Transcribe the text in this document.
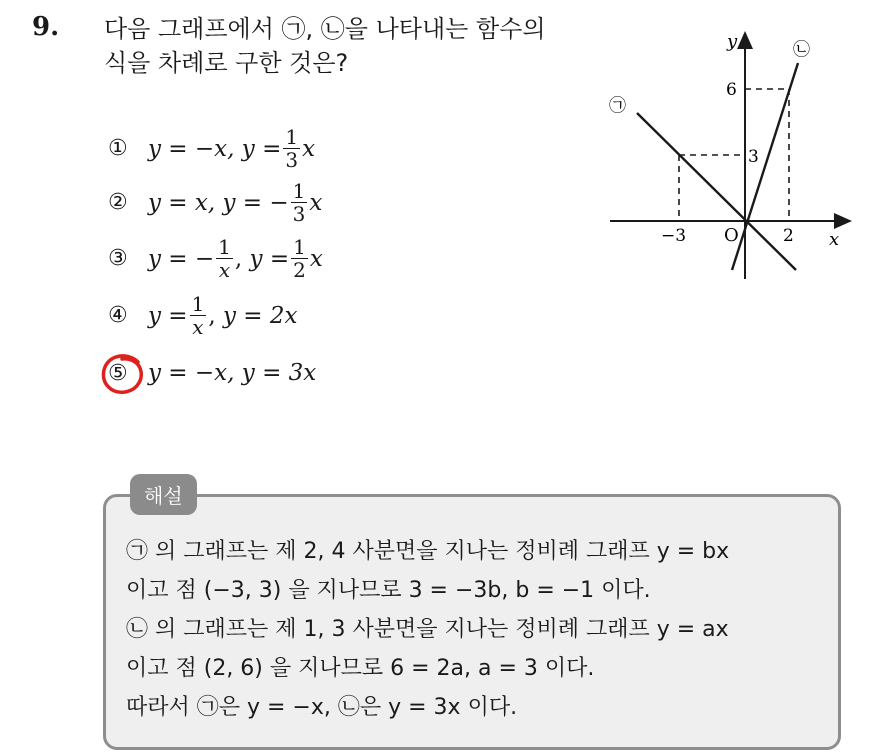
9. 다음 그래프에서 ㉠, ㉡을 나타내는 함수의
식을 차례로 구한 것은?
① y = −x,
$y = \frac{1}{3}$ x
② y = x,
y = − $\frac{1}{3}$ x
③ y = − $\frac{1}{x}$ ,
$y = \frac{1}{2}$ x
④ $y = \frac{1}{x}$ ,
y = 2x
⑤ y = −x,
y = 3x
y
x
O
6
3
−3	2
㉠
㉡
해설
㉠ 의 그래프는 제 2, 4 사분면을 지나는 정비례 그래프 y = bx
이고 점 (−3, 3) 을 지나므로 3 = −3b, b = −1 이다.
㉡ 의 그래프는 제 1, 3 사분면을 지나는 정비례 그래프 y = ax
이고 점 (2, 6) 을 지나므로 6 = 2a, a = 3 이다.
따라서 ㉠은 y = −x, ㉡은 y = 3x 이다.
